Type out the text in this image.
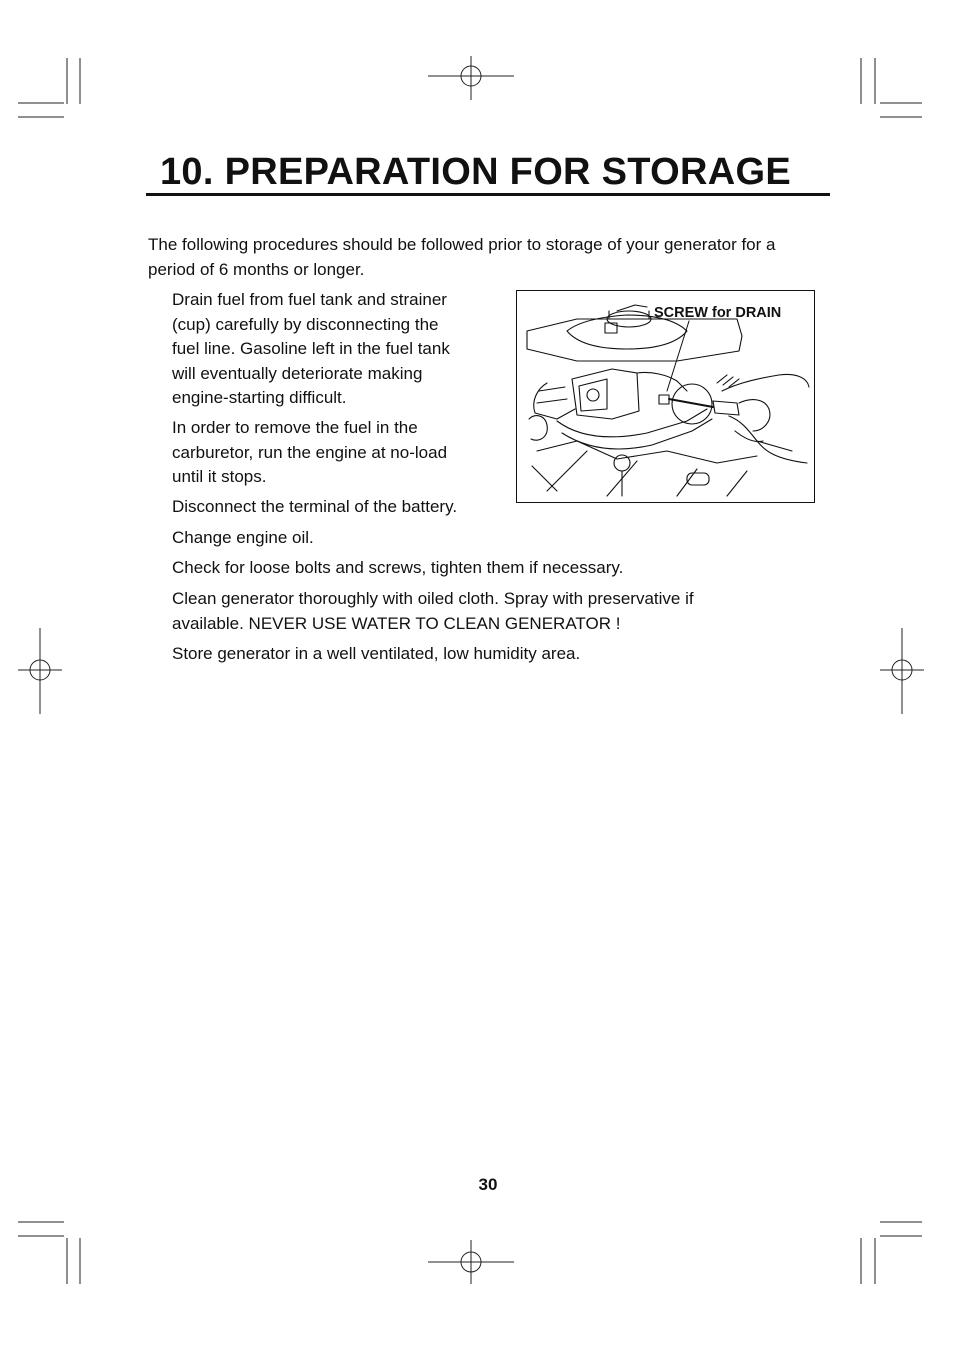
10. PREPARATION FOR STORAGE

The following procedures should be followed prior to storage of your generator for a period of 6 months or longer.

Drain fuel from fuel tank and strainer
(cup) carefully by disconnecting the
fuel line. Gasoline left in the fuel tank
will eventually deteriorate making
engine-starting difficult.
In order to remove the fuel in the
carburetor, run the engine at no-load
until it stops.
Disconnect the terminal of the battery.
Change engine oil.
Check for loose bolts and screws, tighten them if necessary.
Clean generator thoroughly with oiled cloth. Spray with preservative if
available. NEVER USE WATER TO CLEAN GENERATOR !
Store generator in a well ventilated, low humidity area.
SCREW for DRAIN
30
